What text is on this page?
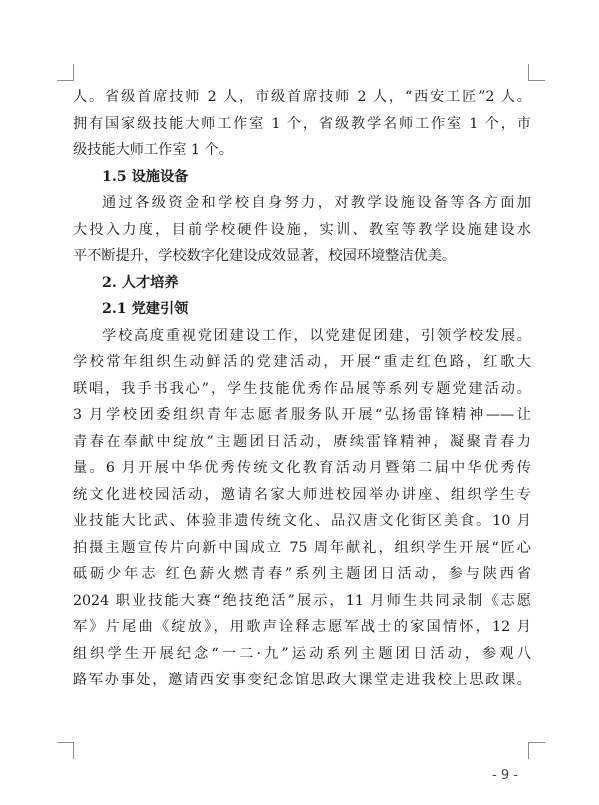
人。省级首席技师 2 人，市级首席技师 2 人，“西安工匠”2 人。
拥有国家级技能大师工作室 1 个，省级教学名师工作室 1 个，市
级技能大师工作室 1 个。
1.5 设施设备
通过各级资金和学校自身努力，对教学设施设备等各方面加
大投入力度，目前学校硬件设施，实训、教室等教学设施建设水
平不断提升，学校数字化建设成效显著，校园环境整洁优美。
2. 人才培养
2.1 党建引领
学校高度重视党团建设工作，以党建促团建，引领学校发展。
学校常年组织生动鲜活的党建活动，开展“重走红色路，红歌大
联唱，我手书我心”，学生技能优秀作品展等系列专题党建活动。
3 月学校团委组织青年志愿者服务队开展“弘扬雷锋精神——让
青春在奉献中绽放”主题团日活动，赓续雷锋精神，凝聚青春力
量。6 月开展中华优秀传统文化教育活动月暨第二届中华优秀传
统文化进校园活动，邀请名家大师进校园举办讲座、组织学生专
业技能大比武、体验非遗传统文化、品汉唐文化街区美食。10 月
拍摄主题宣传片向新中国成立 75 周年献礼，组织学生开展“匠心
砥砺少年志 红色薪火燃青春”系列主题团日活动，参与陕西省
2024 职业技能大赛“绝技绝活”展示，11 月师生共同录制《志愿
军》片尾曲《绽放》，用歌声诠释志愿军战士的家国情怀，12 月
组织学生开展纪念“一二·九”运动系列主题团日活动，参观八
路军办事处，邀请西安事变纪念馆思政大课堂走进我校上思政课。
- 9 -
